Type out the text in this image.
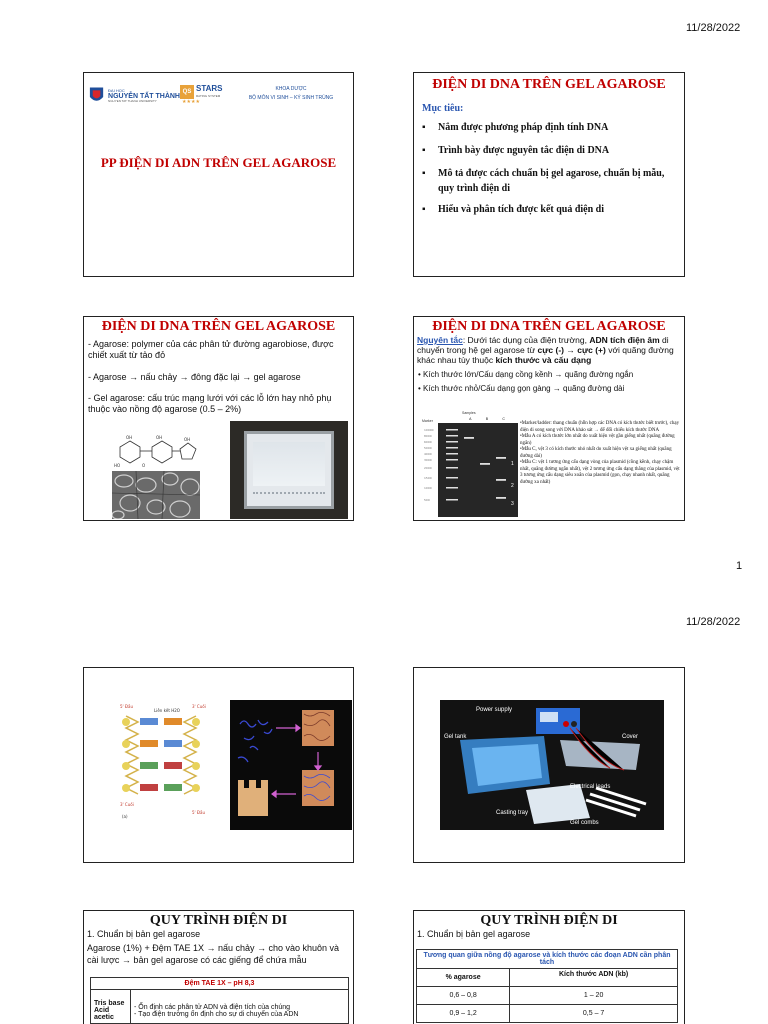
11/28/2022
ĐẠI HỌC
NGUYỄN TẤT THÀNH
NGUYEN TAT THANH UNIVERSITY
QS STARS
RATING SYSTEM
★★★★
KHOA DƯỢC
BỘ MÔN VI SINH – KÝ SINH TRÙNG
PP ĐIỆN DI ADN TRÊN GEL AGAROSE
ĐIỆN DI DNA TRÊN GEL AGAROSE
Mục tiêu:
▪ Nắm được phương pháp định tính DNA
▪ Trình bày được nguyên tắc điện di DNA
▪ Mô tả được cách chuẩn bị gel agarose, chuẩn bị mẫu, quy trình điện di
▪ Hiểu và phân tích được kết quả điện di
ĐIỆN DI DNA TRÊN GEL AGAROSE
- Agarose: polymer của các phân tử đường agarobiose, được chiết xuất từ tảo đỏ
- Agarose → nấu chảy → đông đặc lại → gel agarose
- Gel agarose: cấu trúc mạng lưới với các lỗ lớn hay nhỏ phụ thuộc vào nồng độ agarose (0.5 – 2%)
OH	OH	OH
HO	O
ĐIỆN DI DNA TRÊN GEL AGAROSE
Nguyên tắc: Dưới tác dụng của điện trường, ADN tích điện âm di chuyển trong hệ gel agarose từ cực (-) → cực (+) với quãng đường khác nhau tùy thuộc kích thước và cấu dạng
• Kích thước lớn/Cấu dạng cồng kềnh → quãng đường ngắn
• Kích thước nhỏ/Cấu dạng gọn gàng → quãng đường dài
Samples
Marker	A	B	C
10000
8000
6000
5000
4000
3000
2000
1500
1000
500
1
2
3
•Marker/ladder: thang chuẩn (hỗn hợp các DNA có kích thước biết trước), chạy điện di song song với DNA khảo sát → để đối chiếu kích thước DNA
•Mẫu A có kích thước lớn nhất do xuất hiện vệt gần giếng nhất (quãng đường ngắn)
•Mẫu C, vệt 3 có kích thước nhỏ nhất do xuất hiện vệt xa giếng nhất (quãng đường dài)
•Mẫu C: vệt 1 tương ứng cấu dạng vòng của plasmid (cồng kềnh, chạy chậm nhất, quãng đường ngắn nhất), vệt 2 tương ứng cấu dạng thẳng của plasmid, vệt 3 tương ứng cấu dạng siêu xoắn của plasmid (gọn, chạy nhanh nhất, quãng đường xa nhất)
1
11/28/2022
5' Đầu	3' Cuối
Liên kết H2O
3' Cuối
5' Đầu
(a)
Power supply
Gel tank	Cover
Electrical leads
Casting tray
Gel combs
QUY TRÌNH ĐIỆN DI
1. Chuẩn bị bản gel agarose
Agarose (1%) + Đệm TAE 1X → nấu chảy → cho vào khuôn và cài lược → bản gel agarose có các giếng để chứa mẫu
Đệm TAE 1X – pH 8,3
Tris base
Acid acetic	- Ổn định các phân tử ADN và điện tích của chúng
- Tạo điện trường ổn định cho sự di chuyển của ADN
QUY TRÌNH ĐIỆN DI
1. Chuẩn bị bản gel agarose
Tương quan giữa nồng độ agarose và kích thước các đoạn ADN cần phân tách	
% agarose	Kích thước ADN (kb)
0,6 – 0,8	1 – 20
0,9 – 1,2	0,5 – 7
